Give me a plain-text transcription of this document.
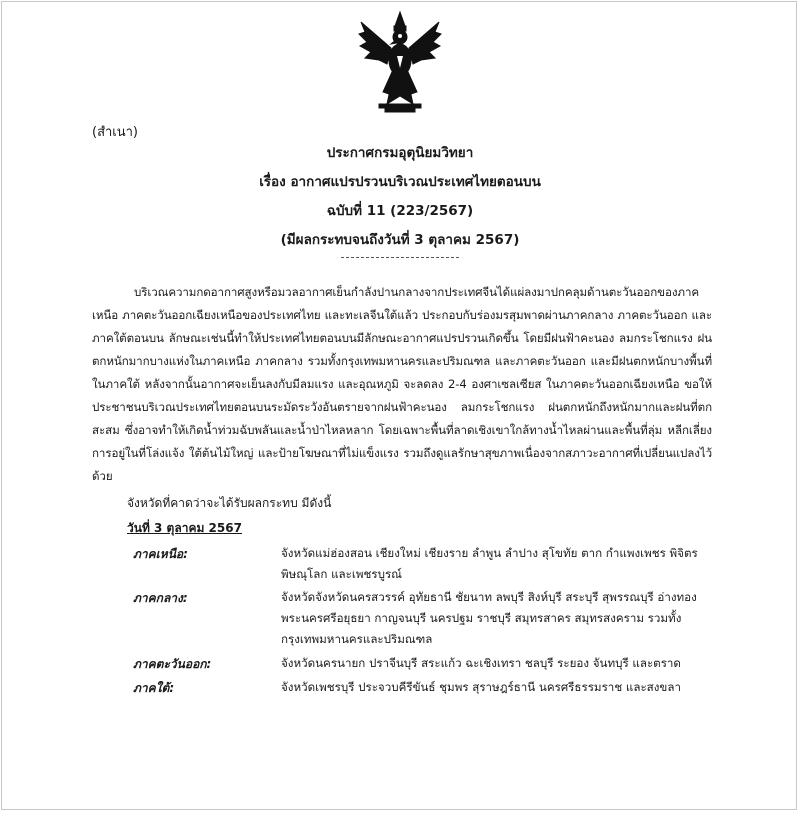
(สำเนา)
ประกาศกรมอุตุนิยมวิทยา
เรื่อง อากาศแปรปรวนบริเวณประเทศไทยตอนบน
ฉบับที่ 11 (223/2567)
(มีผลกระทบจนถึงวันที่ 3 ตุลาคม 2567)

บริเวณความกดอากาศสูงหรือมวลอากาศเย็นกำลังปานกลางจากประเทศจีนได้แผ่ลงมาปกคลุมด้านตะวันออกของภาคเหนือ ภาคตะวันออกเฉียงเหนือของประเทศไทย และทะเลจีนใต้แล้ว ประกอบกับร่องมรสุมพาดผ่านภาคกลาง ภาคตะวันออก และภาคใต้ตอนบน ลักษณะเช่นนี้ทำให้ประเทศไทยตอนบนมีลักษณะอากาศแปรปรวนเกิดขึ้น โดยมีฝนฟ้าคะนอง ลมกระโชกแรง ฝนตกหนักมากบางแห่งในภาคเหนือ ภาคกลาง รวมทั้งกรุงเทพมหานครและปริมณฑล และภาคตะวันออก และมีฝนตกหนักบางพื้นที่ในภาคใต้ หลังจากนั้นอากาศจะเย็นลงกับมีลมแรง และอุณหภูมิ จะลดลง 2-4 องศาเซลเซียส ในภาคตะวันออกเฉียงเหนือ ขอให้ประชาชนบริเวณประเทศไทยตอนบนระมัดระวังอันตรายจากฝนฟ้าคะนอง ลมกระโชกแรง ฝนตกหนักถึงหนักมากและฝนที่ตกสะสม ซึ่งอาจทำให้เกิดน้ำท่วมฉับพลันและน้ำป่าไหลหลาก โดยเฉพาะพื้นที่ลาดเชิงเขาใกล้ทางน้ำไหลผ่านและพื้นที่ลุ่ม หลีกเลี่ยงการอยู่ในที่โล่งแจ้ง ใต้ต้นไม้ใหญ่ และป้ายโฆษณาที่ไม่แข็งแรง รวมถึงดูแลรักษาสุขภาพเนื่องจากสภาวะอากาศที่เปลี่ยนแปลงไว้ด้วย

จังหวัดที่คาดว่าจะได้รับผลกระทบ มีดังนี้
วันที่ 3 ตุลาคม 2567
ภาคเหนือ:	จังหวัดแม่ฮ่องสอน เชียงใหม่ เชียงราย ลำพูน ลำปาง สุโขทัย ตาก กำแพงเพชร พิจิตร พิษณุโลก และเพชรบูรณ์
ภาคกลาง:	จังหวัดจังหวัดนครสวรรค์ อุทัยธานี ชัยนาท ลพบุรี สิงห์บุรี สระบุรี สุพรรณบุรี อ่างทอง พระนครศรีอยุธยา กาญจนบุรี นครปฐม ราชบุรี สมุทรสาคร สมุทรสงคราม รวมทั้งกรุงเทพมหานครและปริมณฑล
ภาคตะวันออก:	จังหวัดนครนายก ปราจีนบุรี สระแก้ว ฉะเชิงเทรา ชลบุรี ระยอง จันทบุรี และตราด
ภาคใต้:	จังหวัดเพชรบุรี ประจวบคีรีขันธ์ ชุมพร สุราษฎร์ธานี นครศรีธรรมราช และสงขลา
